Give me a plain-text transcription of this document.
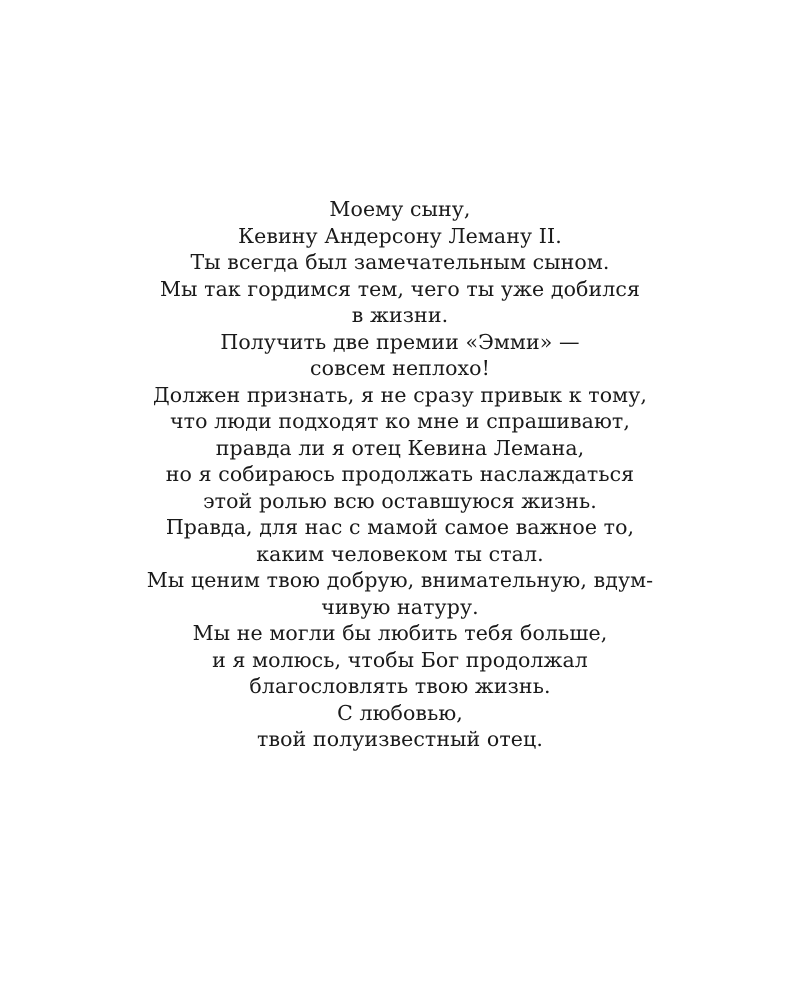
Моему сыну,
Кевину Андерсону Леману II.
Ты всегда был замечательным сыном.
Мы так гордимся тем, чего ты уже добился
в жизни.
Получить две премии «Эмми» —
совсем неплохо!
Должен признать, я не сразу привык к тому,
что люди подходят ко мне и спрашивают,
правда ли я отец Кевина Лемана,
но я собираюсь продолжать наслаждаться
этой ролью всю оставшуюся жизнь.
Правда, для нас с мамой самое важное то,
каким человеком ты стал.
Мы ценим твою добрую, внимательную, вдум-
чивую натуру.
Мы не могли бы любить тебя больше,
и я молюсь, чтобы Бог продолжал
благословлять твою жизнь.
С любовью,
твой полуизвестный отец.
